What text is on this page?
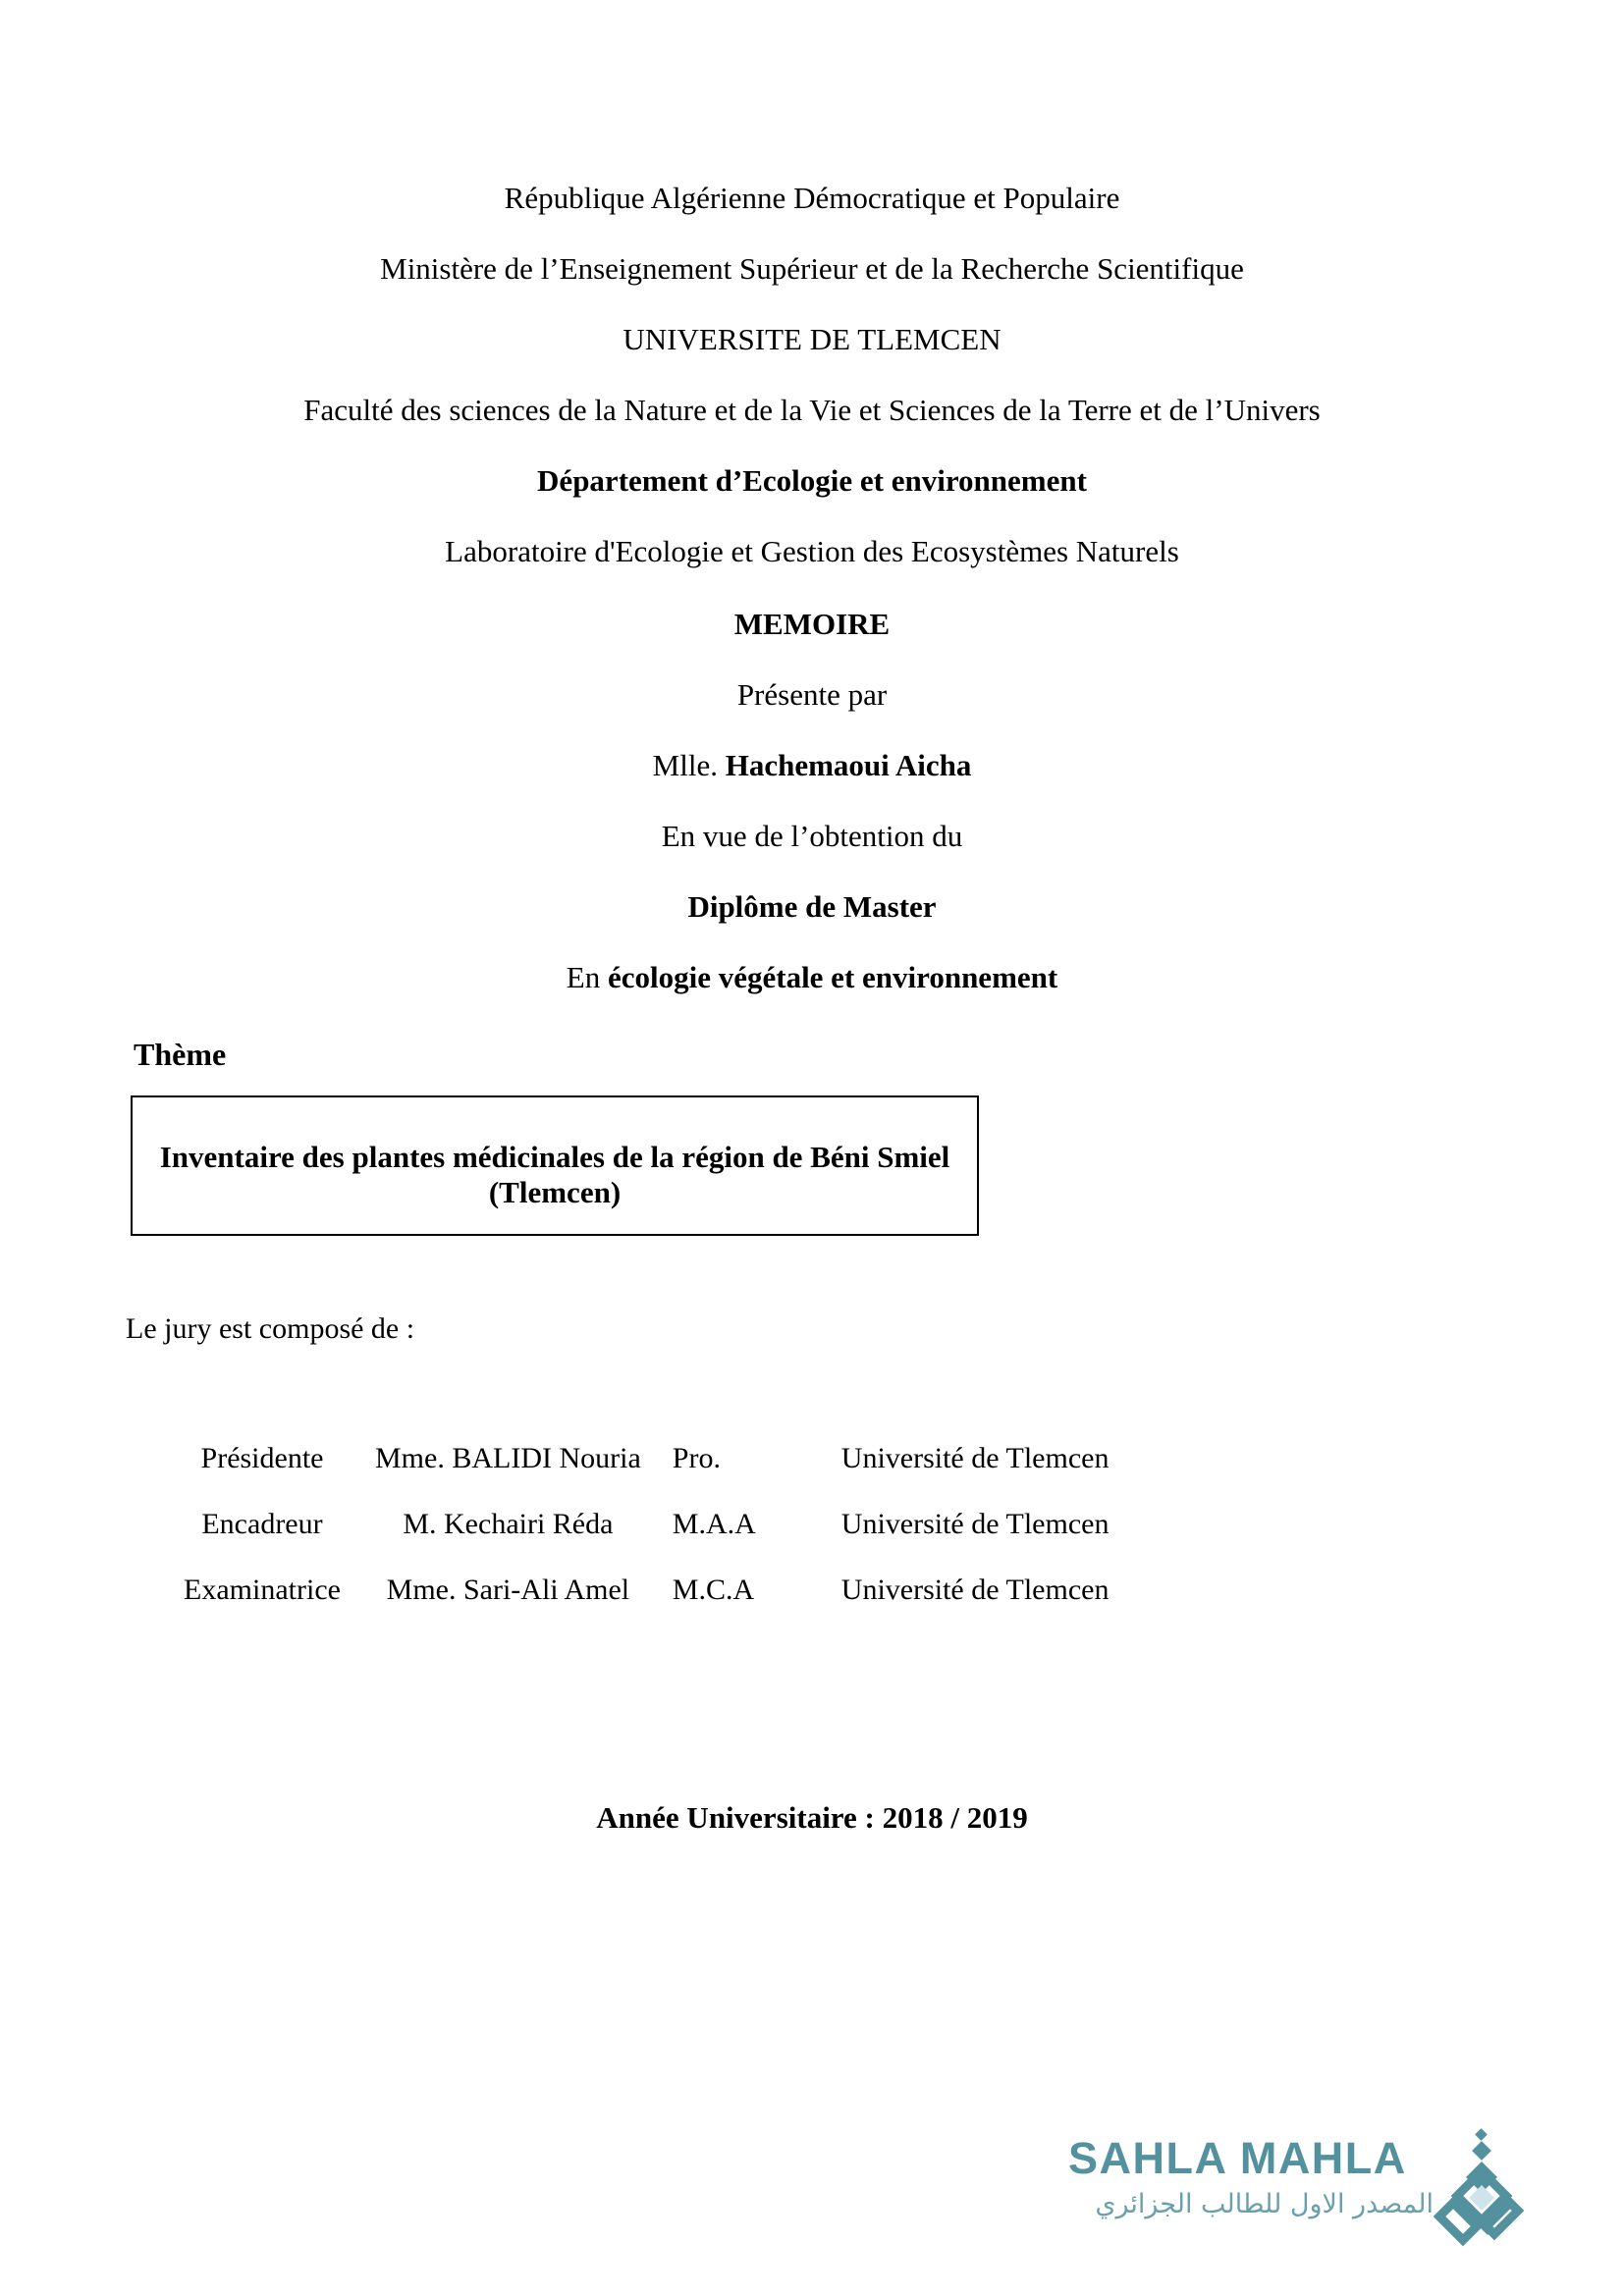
République Algérienne Démocratique et Populaire

Ministère de l’Enseignement Supérieur et de la Recherche Scientifique

UNIVERSITE DE TLEMCEN

Faculté des sciences de la Nature et de la Vie et Sciences de la Terre et de l’Univers

Département d’Ecologie et environnement

Laboratoire d'Ecologie et Gestion des Ecosystèmes Naturels

MEMOIRE

Présente par

Mlle. Hachemaoui Aicha

En vue de l’obtention du

Diplôme de Master

En écologie végétale et environnement

Thème
Inventaire des plantes médicinales de la région de Béni Smiel (Tlemcen)
Le jury est composé de :
Présidente	Mme. BALIDI Nouria	Pro.	Université de Tlemcen
Encadreur	M. Kechairi Réda	M.A.A	Université de Tlemcen
Examinatrice	Mme. Sari-Ali Amel	M.C.A	Université de Tlemcen
Année Universitaire : 2018 / 2019
SAHLA MAHLA
المصدر الاول للطالب الجزائري
